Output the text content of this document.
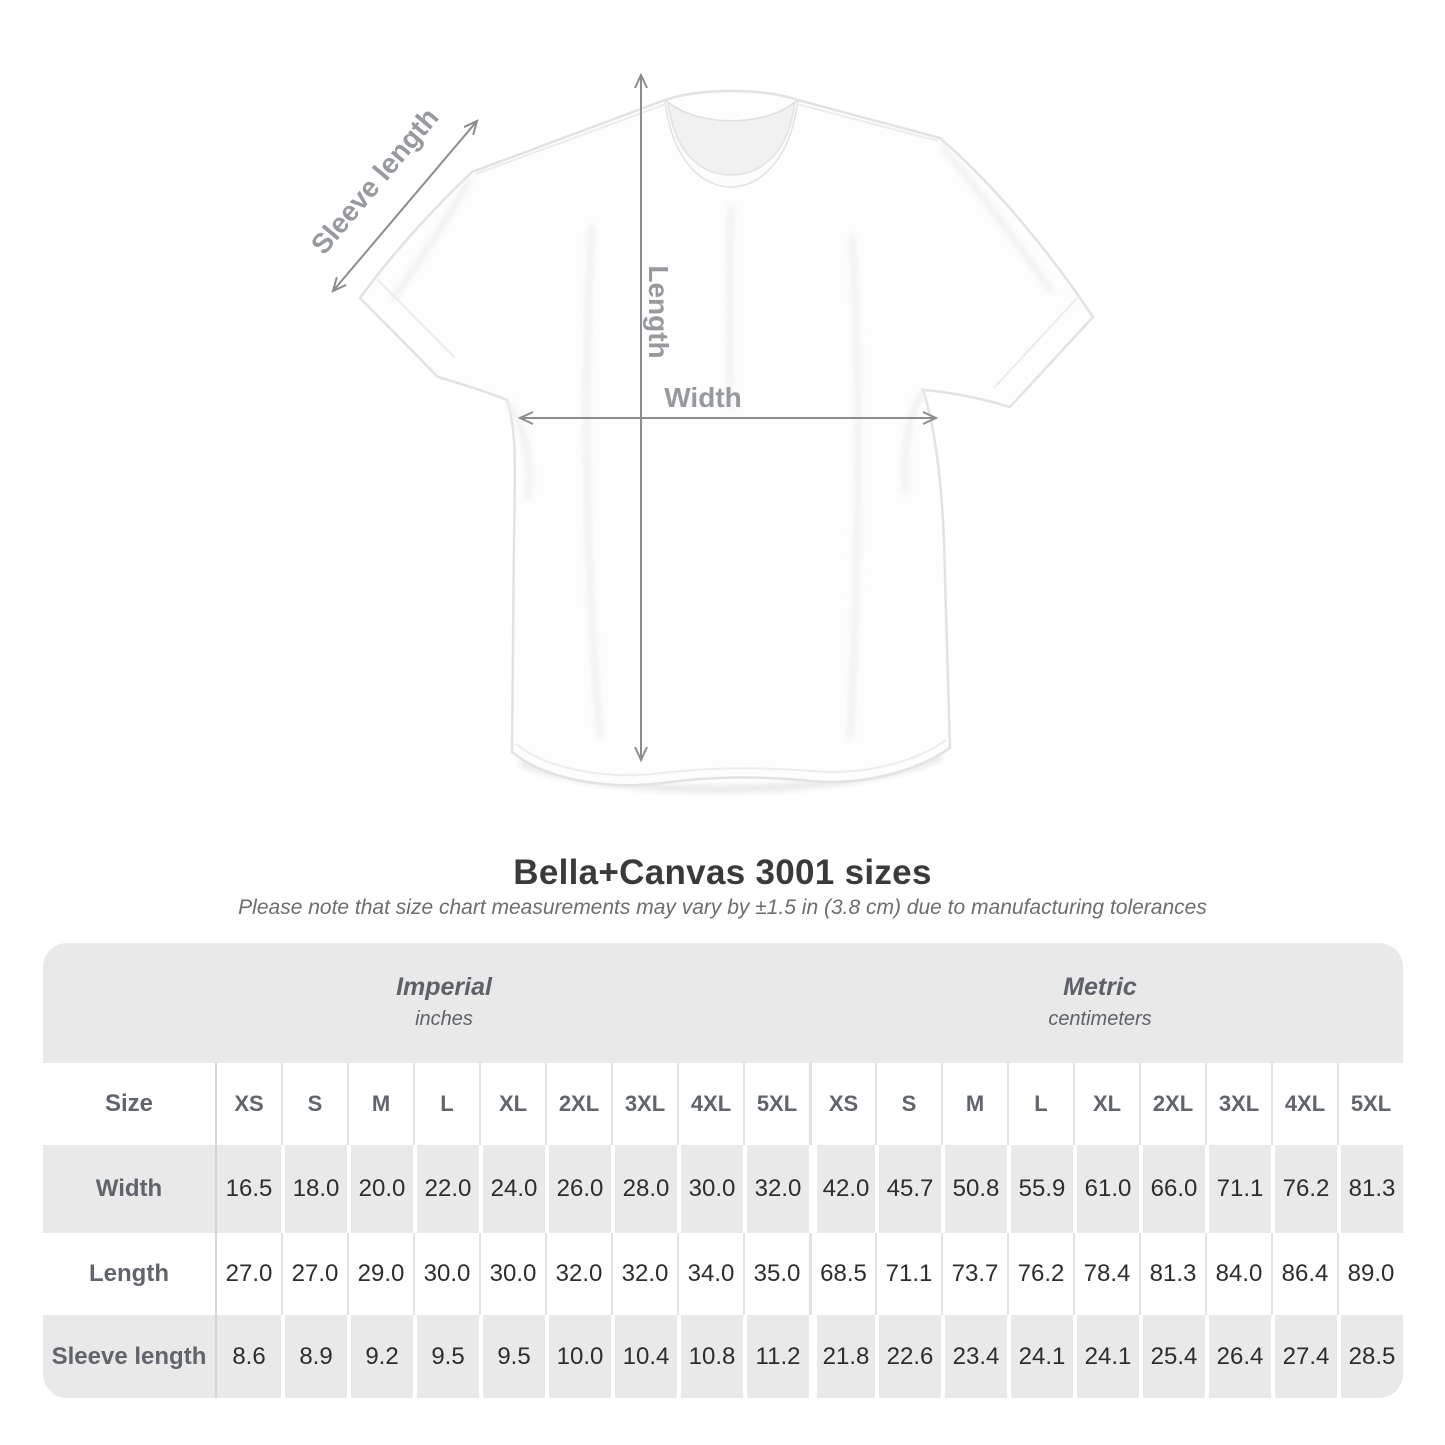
Sleeve length
Length
Width
Bella+Canvas 3001 sizes
Please note that size chart measurements may vary by ±1.5 in (3.8 cm) due to manufacturing tolerances
Imperial
inches
Metric
centimeters
Size	XS	S	M	L	XL	2XL	3XL	4XL	5XL	XS	S	M	L	XL	2XL	3XL	4XL	5XL
Width	16.5 18.0 20.0 22.0 24.0 26.0 28.0 30.0 32.0 42.0 45.7 50.8 55.9 61.0 66.0 71.1 76.2 81.3
Length	27.0 27.0 29.0 30.0 30.0 32.0 32.0 34.0 35.0 68.5 71.1 73.7 76.2 78.4 81.3 84.0 86.4 89.0
Sleeve length	8.6	8.9	9.2	9.5	9.5	10.0 10.4 10.8 11.2 21.8 22.6 23.4 24.1 24.1 25.4 26.4 27.4 28.5
